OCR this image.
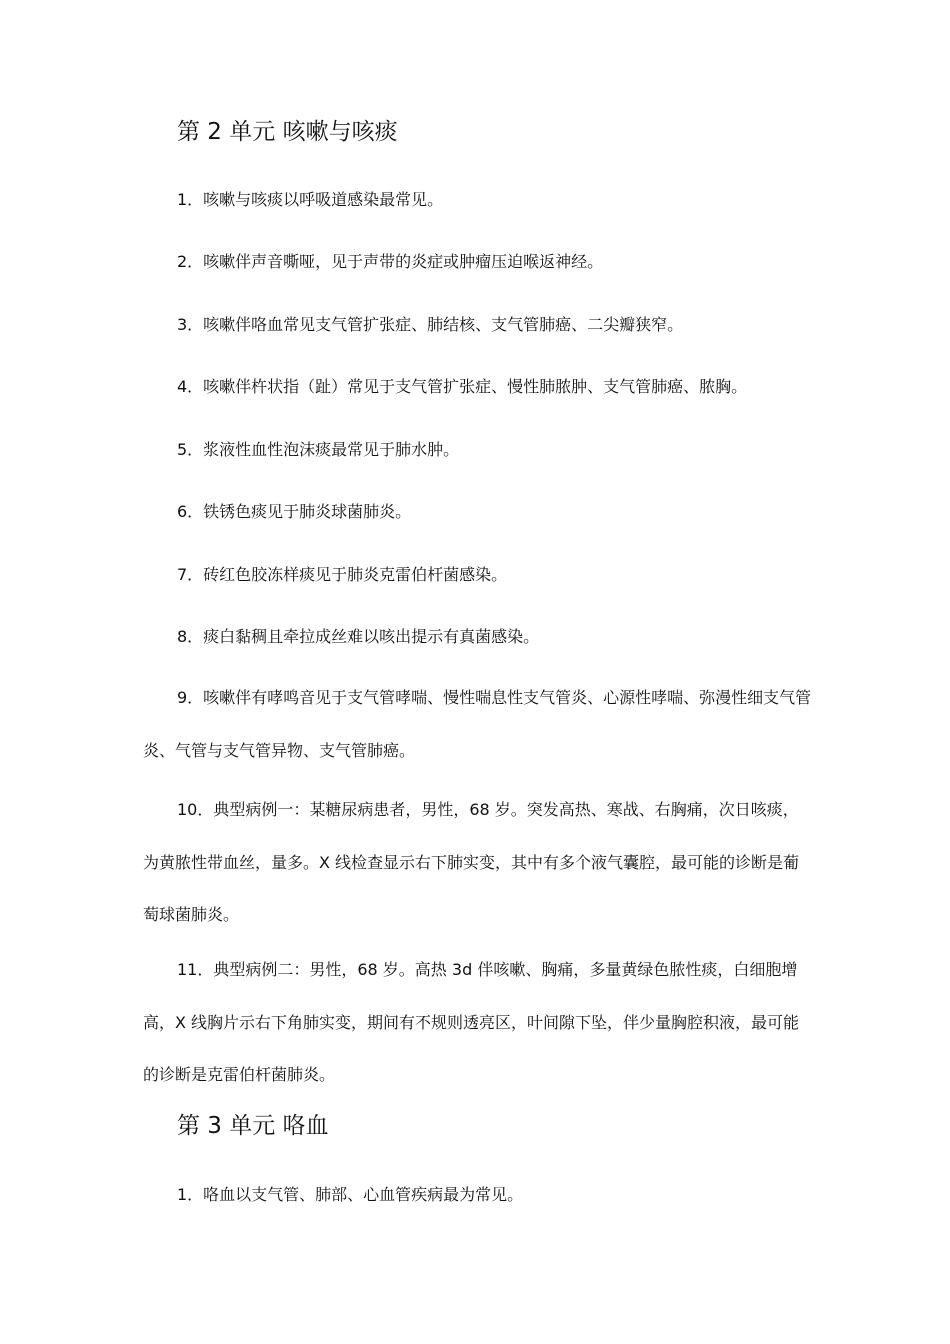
第 2 单元 咳嗽与咳痰

1．咳嗽与咳痰以呼吸道感染最常见。

2．咳嗽伴声音嘶哑，见于声带的炎症或肿瘤压迫喉返神经。

3．咳嗽伴咯血常见支气管扩张症、肺结核、支气管肺癌、二尖瓣狭窄。

4．咳嗽伴杵状指（趾）常见于支气管扩张症、慢性肺脓肿、支气管肺癌、脓胸。

5．浆液性血性泡沫痰最常见于肺水肿。

6．铁锈色痰见于肺炎球菌肺炎。

7．砖红色胶冻样痰见于肺炎克雷伯杆菌感染。

8．痰白黏稠且牵拉成丝难以咳出提示有真菌感染。

9．咳嗽伴有哮鸣音见于支气管哮喘、慢性喘息性支气管炎、心源性哮喘、弥漫性细支气管炎、气管与支气管异物、支气管肺癌。

10．典型病例一：某糖尿病患者，男性，68 岁。突发高热、寒战、右胸痛，次日咳痰，为黄脓性带血丝，量多。X 线检查显示右下肺实变，其中有多个液气囊腔，最可能的诊断是葡萄球菌肺炎。

11．典型病例二：男性，68 岁。高热 3d 伴咳嗽、胸痛，多量黄绿色脓性痰，白细胞增高，X 线胸片示右下角肺实变，期间有不规则透亮区，叶间隙下坠，伴少量胸腔积液，最可能的诊断是克雷伯杆菌肺炎。

第 3 单元 咯血

1．咯血以支气管、肺部、心血管疾病最为常见。
